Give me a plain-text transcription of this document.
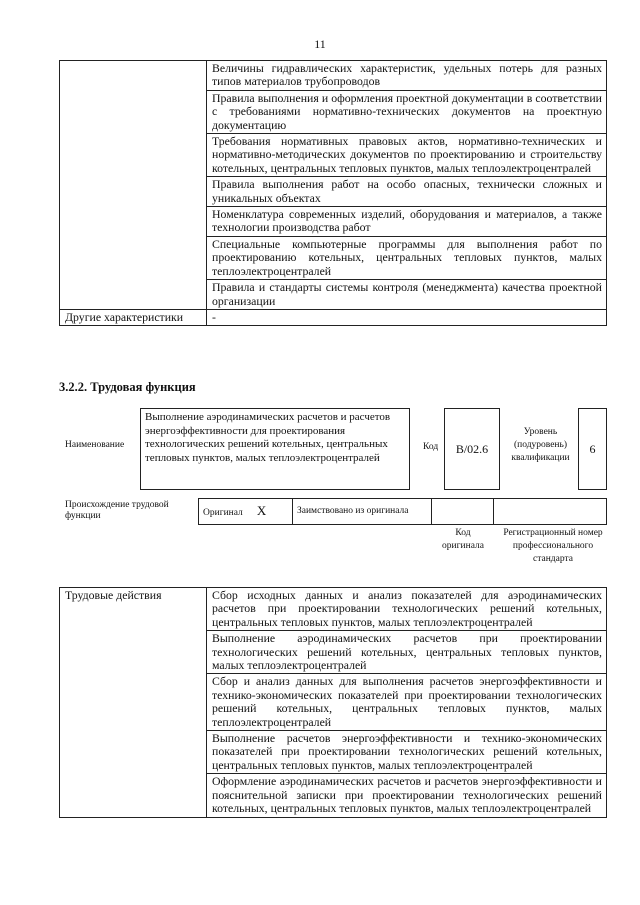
11
	Величины гидравлических характеристик, удельных потерь для разных типов материалов трубопроводов
	Правила выполнения и оформления проектной документации в соответствии с требованиями нормативно-технических документов на проектную документацию
	Требования нормативных правовых актов, нормативно-технических и нормативно-методических документов по проектированию и строительству котельных, центральных тепловых пунктов, малых теплоэлектроцентралей
	Правила выполнения работ на особо опасных, технически сложных и уникальных объектах
	Номенклатура современных изделий, оборудования и материалов, а также технологии производства работ
	Специальные компьютерные программы для выполнения работ по проектированию котельных, центральных тепловых пунктов, малых теплоэлектроцентралей
	Правила и стандарты системы контроля (менеджмента) качества проектной организации
Другие характеристики	-
3.2.2. Трудовая функция
Наименование
Выполнение аэродинамических расчетов и расчетов энергоэффективности для проектирования технологических решений котельных, центральных тепловых пунктов, малых теплоэлектроцентралей
Код В/02.6
Уровень (подуровень) квалификации
6
Происхождение трудовой функции	Оригинал X	Заимствовано из оригинала		
Код оригинала
Регистрационный номер профессионального стандарта
Трудовые действия	Сбор исходных данных и анализ показателей для аэродинамических расчетов при проектировании технологических решений котельных, центральных тепловых пунктов, малых теплоэлектроцентралей
Выполнение аэродинамических расчетов при проектировании технологических решений котельных, центральных тепловых пунктов, малых теплоэлектроцентралей
Сбор и анализ данных для выполнения расчетов энергоэффективности и технико-экономических показателей при проектировании технологических решений котельных, центральных тепловых пунктов, малых теплоэлектроцентралей
Выполнение расчетов энергоэффективности и технико-экономических показателей при проектировании технологических решений котельных, центральных тепловых пунктов, малых теплоэлектроцентралей
Оформление аэродинамических расчетов и расчетов энергоэффективности и пояснительной записки при проектировании технологических решений котельных, центральных тепловых пунктов, малых теплоэлектроцентралей
